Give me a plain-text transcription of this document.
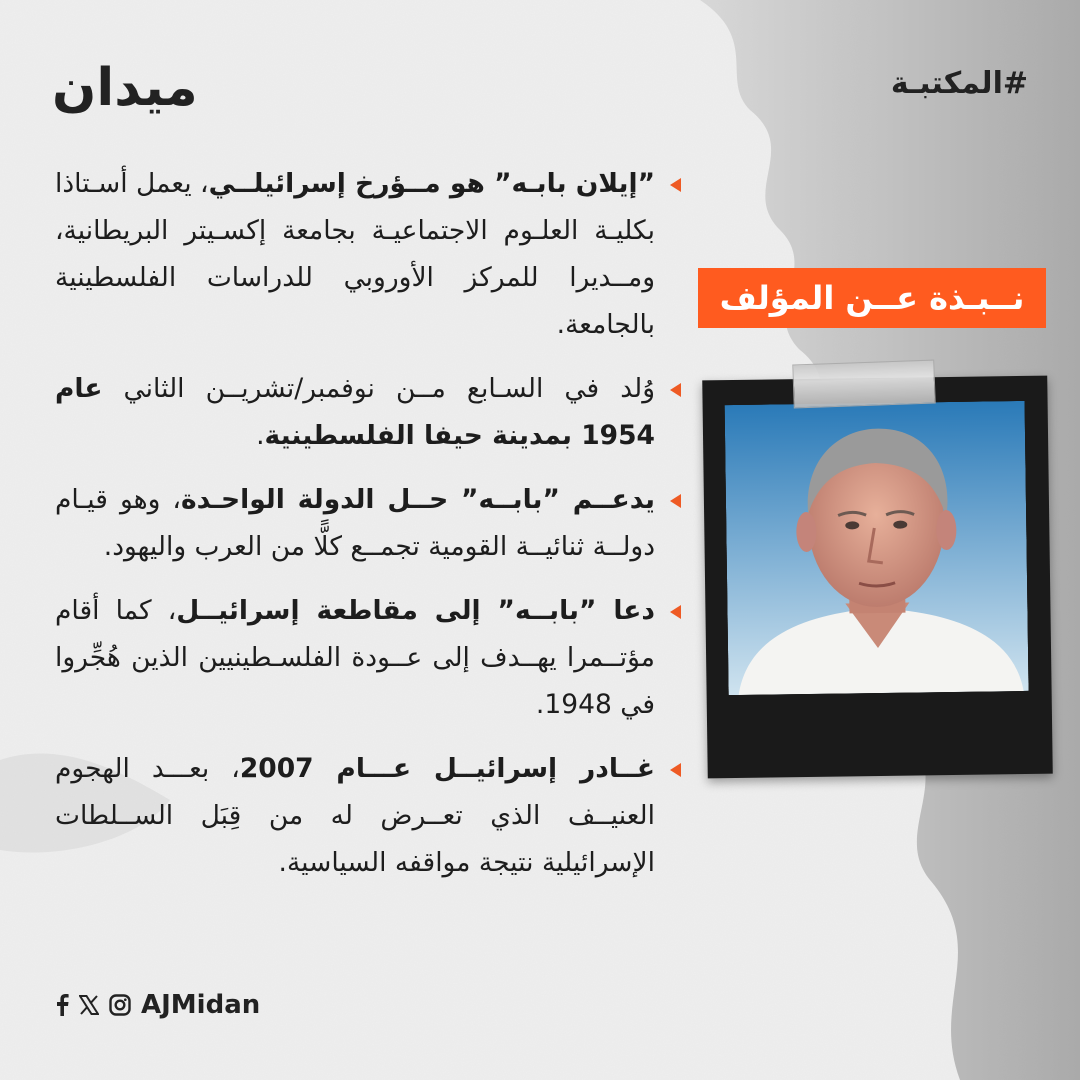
ميدان	#المكتبـة
”إيلان بابـه” هو مــؤرخ إسرائيلــي، يعمل أسـتاذا بكليـة العلـوم الاجتماعيـة بجامعة إكسـيتر البريطانية، ومــديرا للمركز الأوروبي للدراسات الفلسطينية بالجامعة.
وُلد في السـابع مــن نوفمبر/تشريــن الثاني عام 1954 بمدينة حيفا الفلسطينية.
يدعــم ”بابــه” حــل الدولة الواحـدة، وهو قيـام دولــة ثنائيــة القومية تجمــع كلًّا من العرب واليهود.
دعا ”بابــه” إلى مقاطعة إسرائيــل، كما أقام مؤتــمرا يهــدف إلى عــودة الفلسـطينيين الذين هُجِّروا في 1948.
غــادر إسرائيــل عـــام 2007، بعـــد الهجوم العنيــف الذي تعــرض له من قِبَل الســلطات الإسرائيلية نتيجة مواقفه السياسية.
نــبـذة عــن المؤلف
AJMidan
